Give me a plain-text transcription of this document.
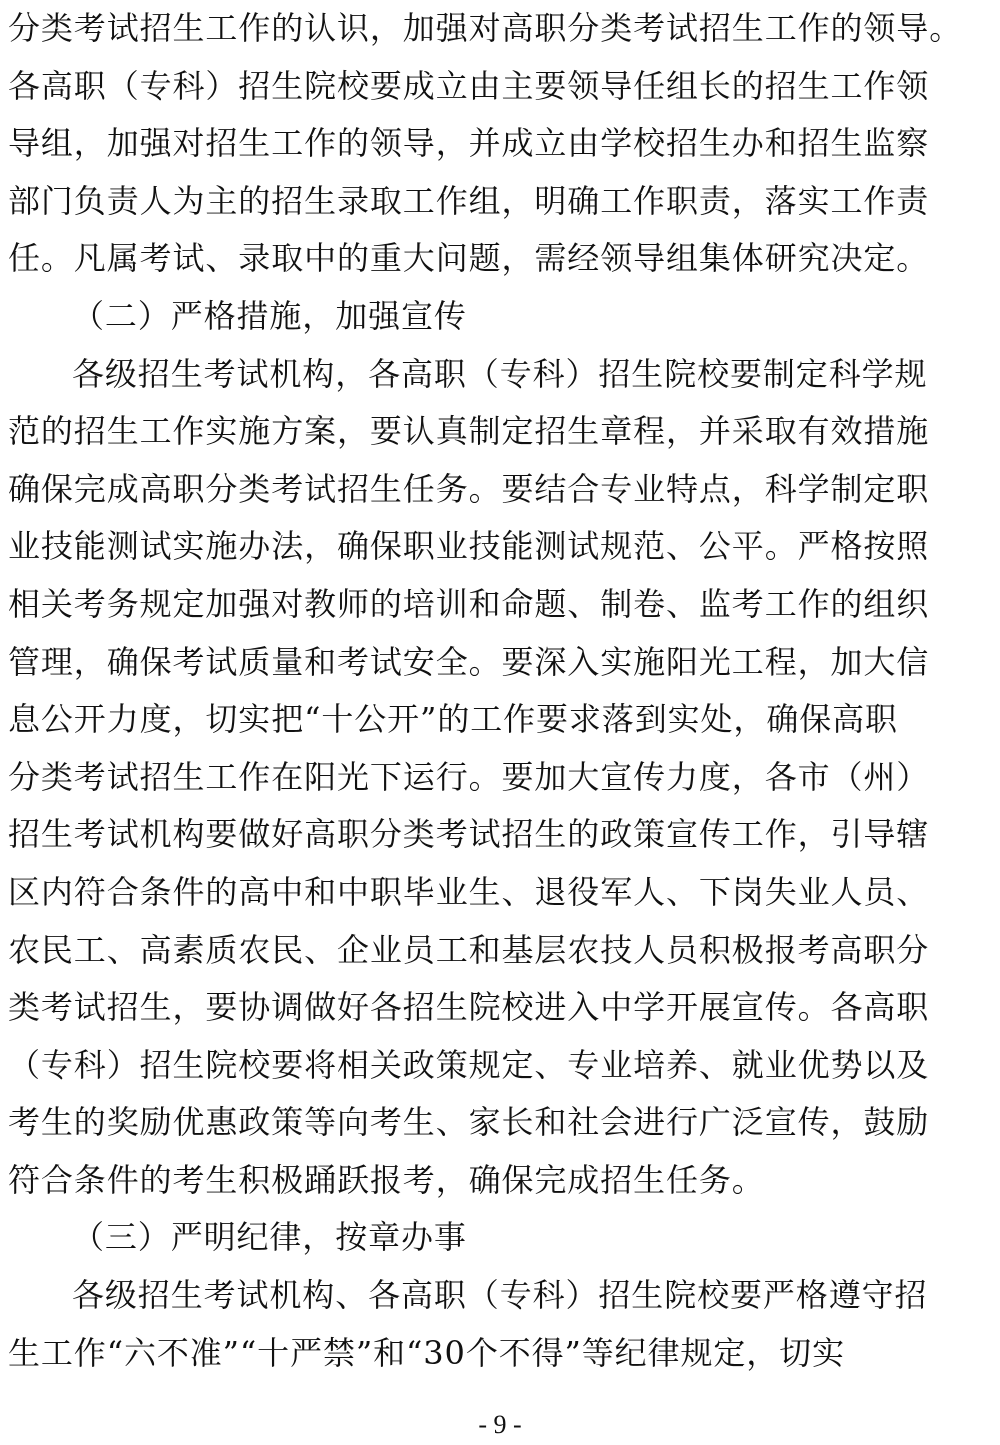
分类考试招生工作的认识，加强对高职分类考试招生工作的领导。
各高职（专科）招生院校要成立由主要领导任组长的招生工作领
导组，加强对招生工作的领导，并成立由学校招生办和招生监察
部门负责人为主的招生录取工作组，明确工作职责，落实工作责
任。凡属考试、录取中的重大问题，需经领导组集体研究决定。
（二）严格措施，加强宣传
各级招生考试机构，各高职（专科）招生院校要制定科学规
范的招生工作实施方案，要认真制定招生章程，并采取有效措施
确保完成高职分类考试招生任务。要结合专业特点，科学制定职
业技能测试实施办法，确保职业技能测试规范、公平。严格按照
相关考务规定加强对教师的培训和命题、制卷、监考工作的组织
管理，确保考试质量和考试安全。要深入实施阳光工程，加大信
息公开力度，切实把“十公开”的工作要求落到实处，确保高职
分类考试招生工作在阳光下运行。要加大宣传力度，各市（州）
招生考试机构要做好高职分类考试招生的政策宣传工作，引导辖
区内符合条件的高中和中职毕业生、退役军人、下岗失业人员、
农民工、高素质农民、企业员工和基层农技人员积极报考高职分
类考试招生，要协调做好各招生院校进入中学开展宣传。各高职
（专科）招生院校要将相关政策规定、专业培养、就业优势以及
考生的奖励优惠政策等向考生、家长和社会进行广泛宣传，鼓励
符合条件的考生积极踊跃报考，确保完成招生任务。
（三）严明纪律，按章办事
各级招生考试机构、各高职（专科）招生院校要严格遵守招
生工作“六不准”“十严禁”和“30个不得”等纪律规定，切实
- 9 -
